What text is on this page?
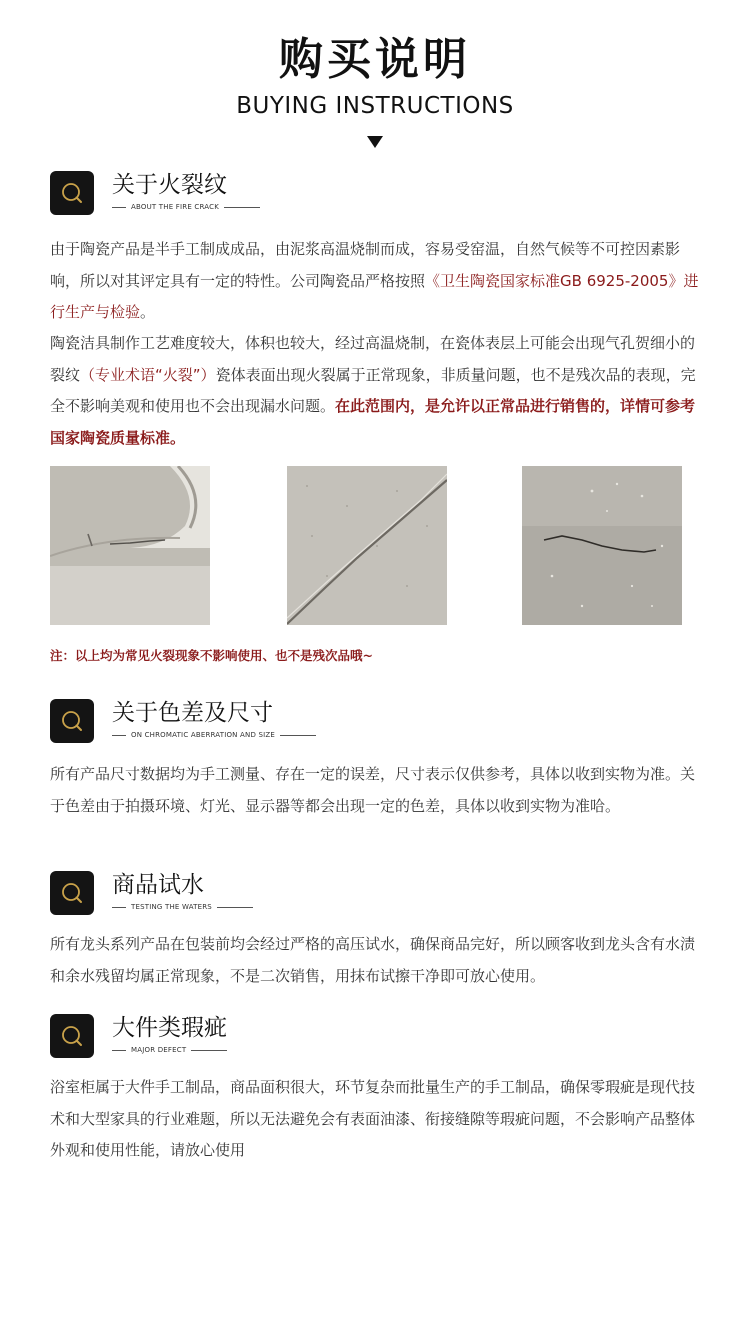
购买说明
BUYING INSTRUCTIONS
关于火裂纹
ABOUT THE FIRE CRACK
由于陶瓷产品是半手工制成成品，由泥浆高温烧制而成，容易受窑温，自然气候等不可控因素影响，所以对其评定具有一定的特性。公司陶瓷品严格按照《卫生陶瓷国家标准GB 6925-2005》进行生产与检验。
陶瓷洁具制作工艺难度较大，体积也较大，经过高温烧制，在瓷体表层上可能会出现气孔贺细小的裂纹（专业术语“火裂”）瓷体表面出现火裂属于正常现象，非质量问题，也不是残次品的表现，完全不影响美观和使用也不会出现漏水问题。在此范围内，是允许以正常品进行销售的，详情可参考国家陶瓷质量标准。
注：以上均为常见火裂现象不影响使用、也不是残次品哦~
关于色差及尺寸
ON CHROMATIC ABERRATION AND SIZE
所有产品尺寸数据均为手工测量、存在一定的误差，尺寸表示仅供参考，具体以收到实物为准。关于色差由于拍摄环境、灯光、显示器等都会出现一定的色差，具体以收到实物为准哈。
商品试水
TESTING THE WATERS
所有龙头系列产品在包装前均会经过严格的高压试水，确保商品完好，所以顾客收到龙头含有水渍和余水残留均属正常现象，不是二次销售，用抹布试擦干净即可放心使用。
大件类瑕疵
MAJOR DEFECT
浴室柜属于大件手工制品，商品面积很大，环节复杂而批量生产的手工制品，确保零瑕疵是现代技术和大型家具的行业难题，所以无法避免会有表面油漆、衔接缝隙等瑕疵问题，不会影响产品整体外观和使用性能，请放心使用
